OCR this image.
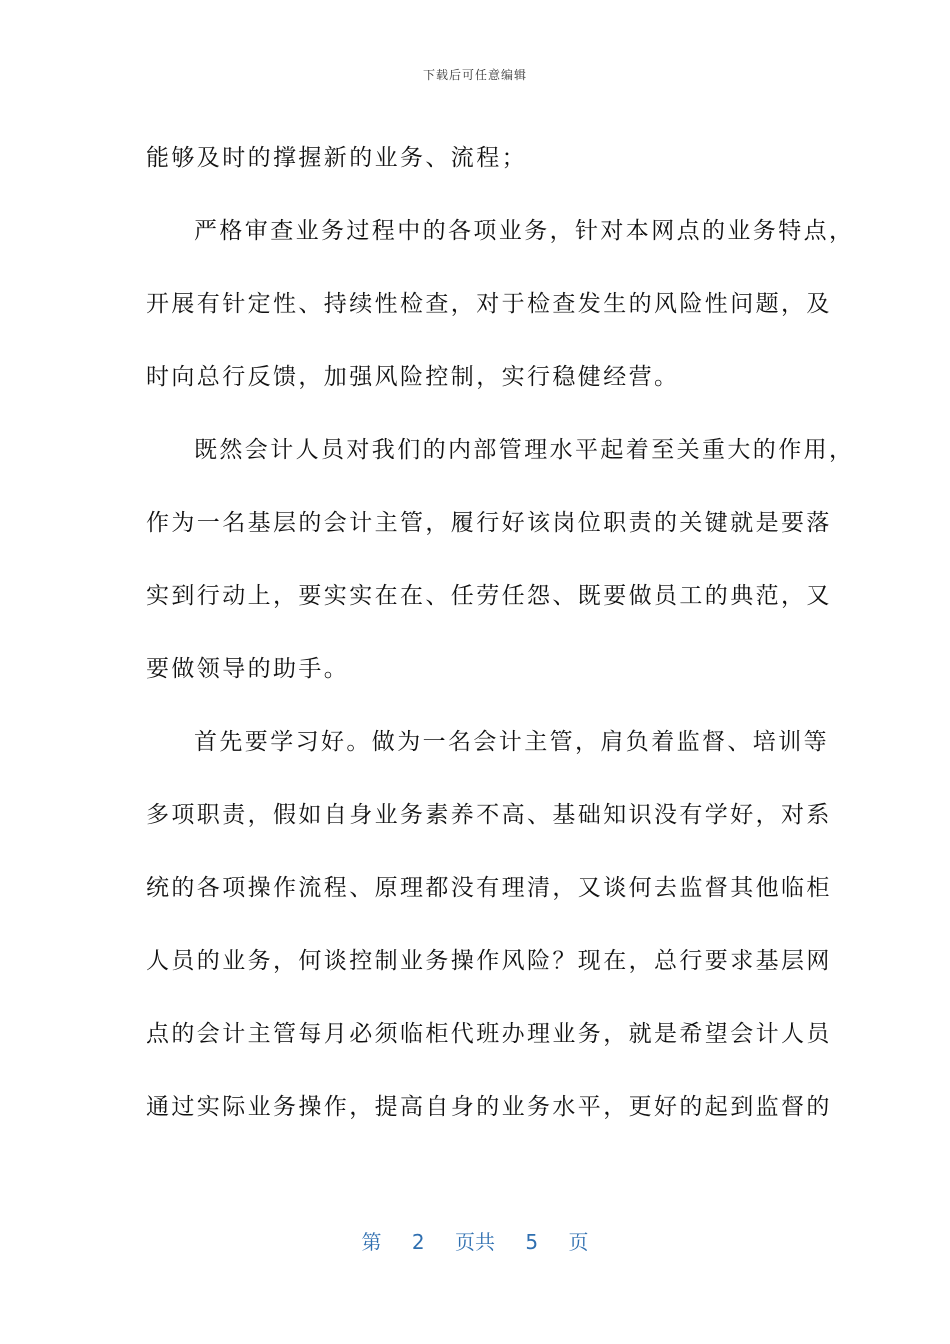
下载后可任意编辑
能够及时的撑握新的业务、流程；
严格审查业务过程中的各项业务，针对本网点的业务特点，
开展有针定性、持续性检查，对于检查发生的风险性问题，及
时向总行反馈，加强风险控制，实行稳健经营。
既然会计人员对我们的内部管理水平起着至关重大的作用，
作为一名基层的会计主管，履行好该岗位职责的关键就是要落
实到行动上，要实实在在、任劳任怨、既要做员工的典范，又
要做领导的助手。
首先要学习好。做为一名会计主管，肩负着监督、培训等
多项职责，假如自身业务素养不高、基础知识没有学好，对系
统的各项操作流程、原理都没有理清，又谈何去监督其他临柜
人员的业务，何谈控制业务操作风险？现在，总行要求基层网
点的会计主管每月必须临柜代班办理业务，就是希望会计人员
通过实际业务操作，提高自身的业务水平，更好的起到监督的
第 2 页共 5 页
